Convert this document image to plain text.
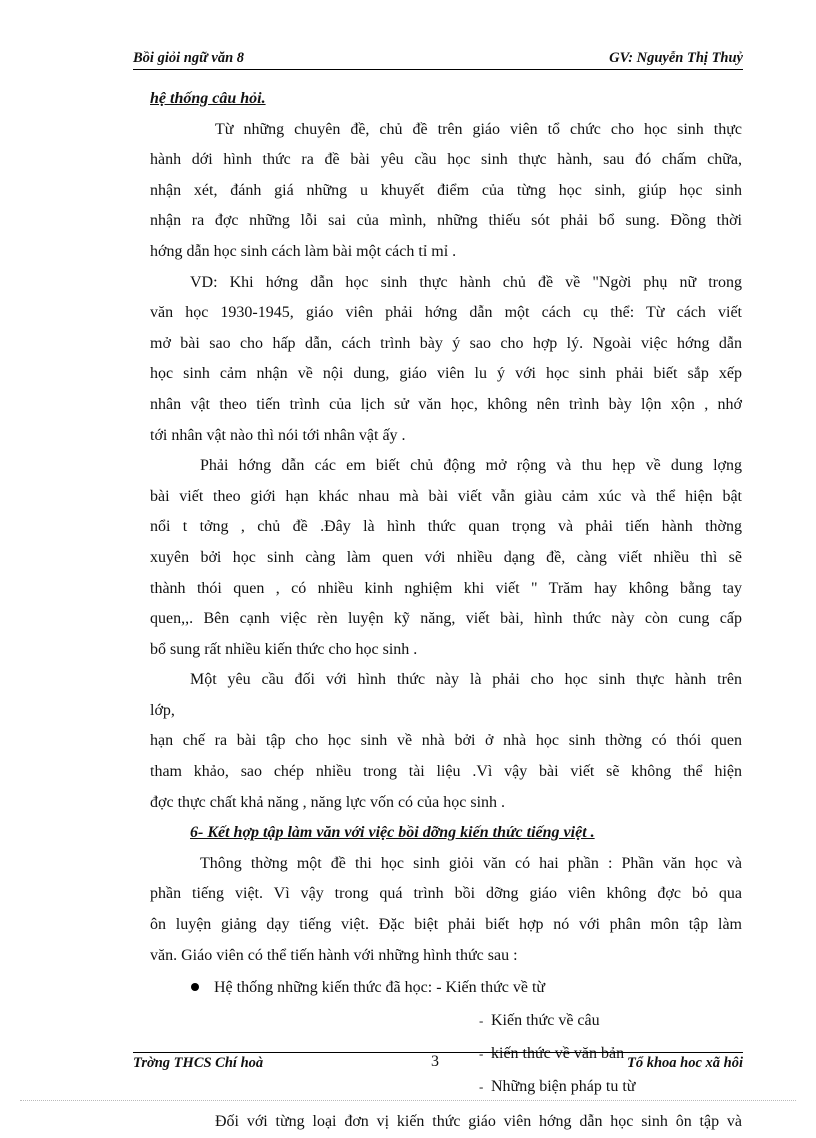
Bồi giỏi ngữ văn 8	GV: Nguyễn Thị Thuỷ
hệ thống câu hỏi.
Từ những chuyên đề, chủ đề trên giáo viên tổ chức cho học sinh thực
hành dới hình thức ra đề bài yêu cầu học sinh thực hành, sau đó chấm chữa,
nhận xét, đánh giá những u khuyết điểm của từng học sinh, giúp học sinh
nhận ra đợc những lỗi sai của mình, những thiếu sót phải bổ sung. Đồng thời
hớng dẫn học sinh cách làm bài một cách tỉ mỉ .
VD: Khi hớng dẫn học sinh thực hành chủ đề về "Ngời phụ nữ trong
văn học 1930-1945, giáo viên phải hớng dẫn một cách cụ thể: Từ cách viết
mở bài sao cho hấp dẫn, cách trình bày ý sao cho hợp lý. Ngoài việc hớng dẫn
học sinh cảm nhận về nội dung, giáo viên lu ý với học sinh phải biết sắp xếp
nhân vật theo tiến trình của lịch sử văn học, không nên trình bày lộn xộn , nhớ
tới nhân vật nào thì nói tới nhân vật ấy .
Phải hớng dẫn các em biết chủ động mở rộng và thu hẹp về dung lợng
bài viết theo giới hạn khác nhau mà bài viết vẫn giàu cảm xúc và thể hiện bật
nổi t tởng , chủ đề .Đây là hình thức quan trọng và phải tiến hành thờng
xuyên bởi học sinh càng làm quen với nhiều dạng đề, càng viết nhiều thì sẽ
thành thói quen , có nhiều kinh nghiệm khi viết " Trăm hay không bằng tay
quen,,. Bên cạnh việc rèn luyện kỹ năng, viết bài, hình thức này còn cung cấp
bổ sung rất nhiều kiến thức cho học sinh .
Một yêu cầu đối với hình thức này là phải cho học sinh thực hành trên
lớp,
hạn chế ra bài tập cho học sinh về nhà bởi ở nhà học sinh thờng có thói quen
tham khảo, sao chép nhiều trong tài liệu .Vì vậy bài viết sẽ không thể hiện
đợc thực chất khả năng , năng lực vốn có của học sinh .
6- Kết hợp tập làm văn với việc bồi dỡng kiến thức tiếng việt .
Thông thờng một đề thi học sinh giỏi văn có hai phần : Phần văn học và
phần tiếng việt. Vì vậy trong quá trình bồi dỡng giáo viên không đợc bỏ qua
ôn luyện giảng dạy tiếng việt. Đặc biệt phải biết hợp nó với phân môn tập làm
văn. Giáo viên có thể tiến hành với những hình thức sau :
Hệ thống những kiến thức đã học: - Kiến thức về từ
- Kiến thức về câu
- kiến thức về văn bản
- Những biện pháp tu từ
Đối với từng loại đơn vị kiến thức giáo viên hớng dẫn học sinh ôn tập và
Trờng THCS Chí hoà	3	Tổ khoa hoc xã hôi
